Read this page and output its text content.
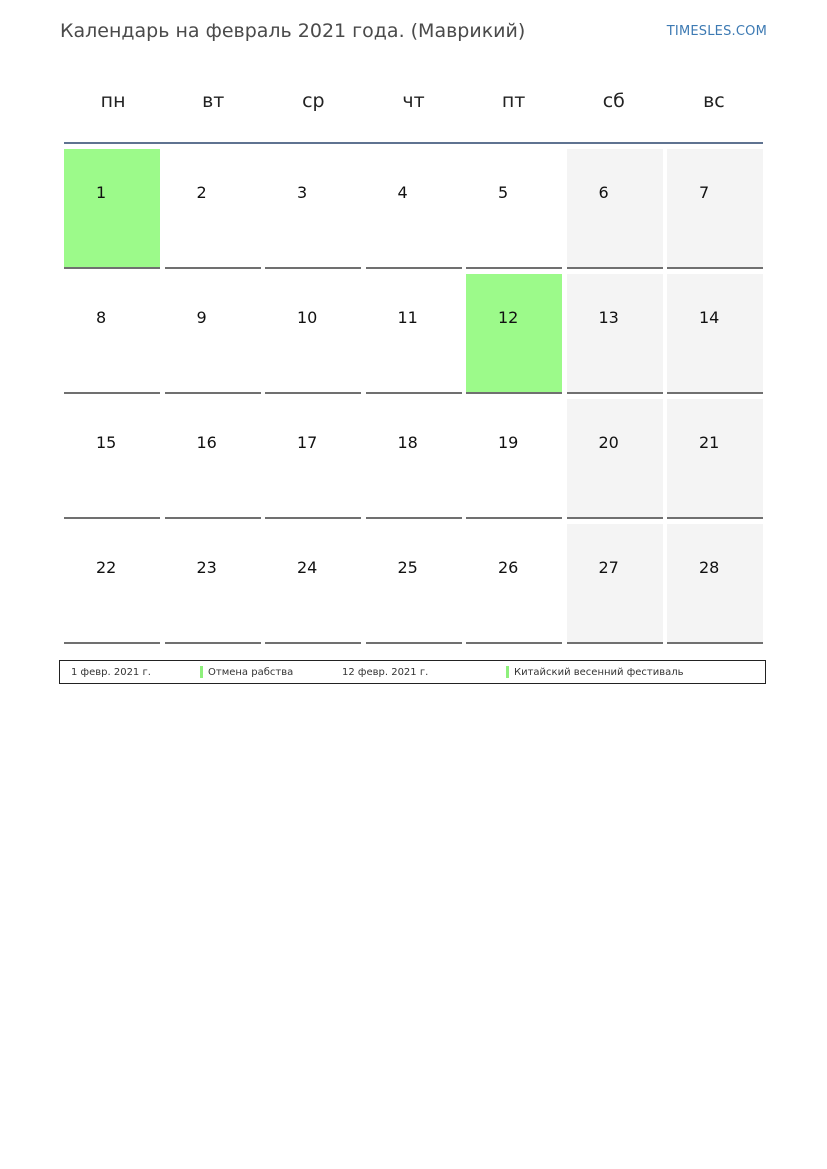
Календарь на февраль 2021 года. (Маврикий)	TIMESLES.COM
пн	вт	ср	чт	пт	сб	вс
1	2	3	4	5	6	7
8	9	10	11	12	13	14
15	16	17	18	19	20	21
22	23	24	25	26	27	28
1 февр. 2021 г.	Отмена рабства	12 февр. 2021 г.	Китайский весенний фестиваль
